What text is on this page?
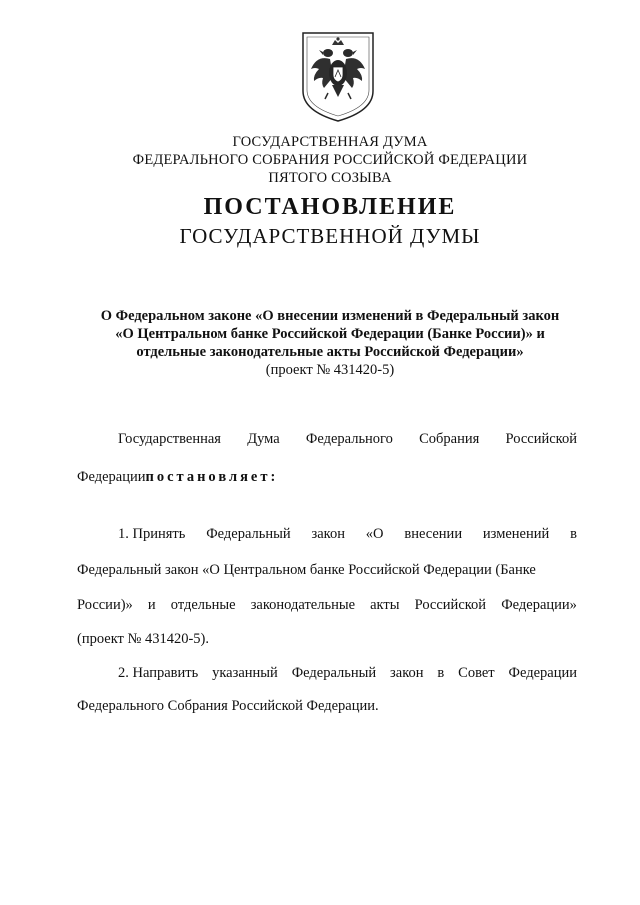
ГОСУДАРСТВЕННАЯ ДУМА
ФЕДЕРАЛЬНОГО СОБРАНИЯ РОССИЙСКОЙ ФЕДЕРАЦИИ
ПЯТОГО СОЗЫВА
ПОСТАНОВЛЕНИЕ
ГОСУДАРСТВЕННОЙ ДУМЫ
О Федеральном законе «О внесении изменений в Федеральный закон
«О Центральном банке Российской Федерации (Банке России)» и
отдельные законодательные акты Российской Федерации»
(проект № 431420-5)
Государственная Дума Федерального Собрания Российской
Федерациипостановляет:
1. Принять Федеральный закон «О внесении изменений в
Федеральный закон «О Центральном банке Российской Федерации (Банке
России)» и отдельные законодательные акты Российской Федерации»
(проект № 431420-5).
2. Направить указанный Федеральный закон в Совет Федерации
Федерального Собрания Российской Федерации.
